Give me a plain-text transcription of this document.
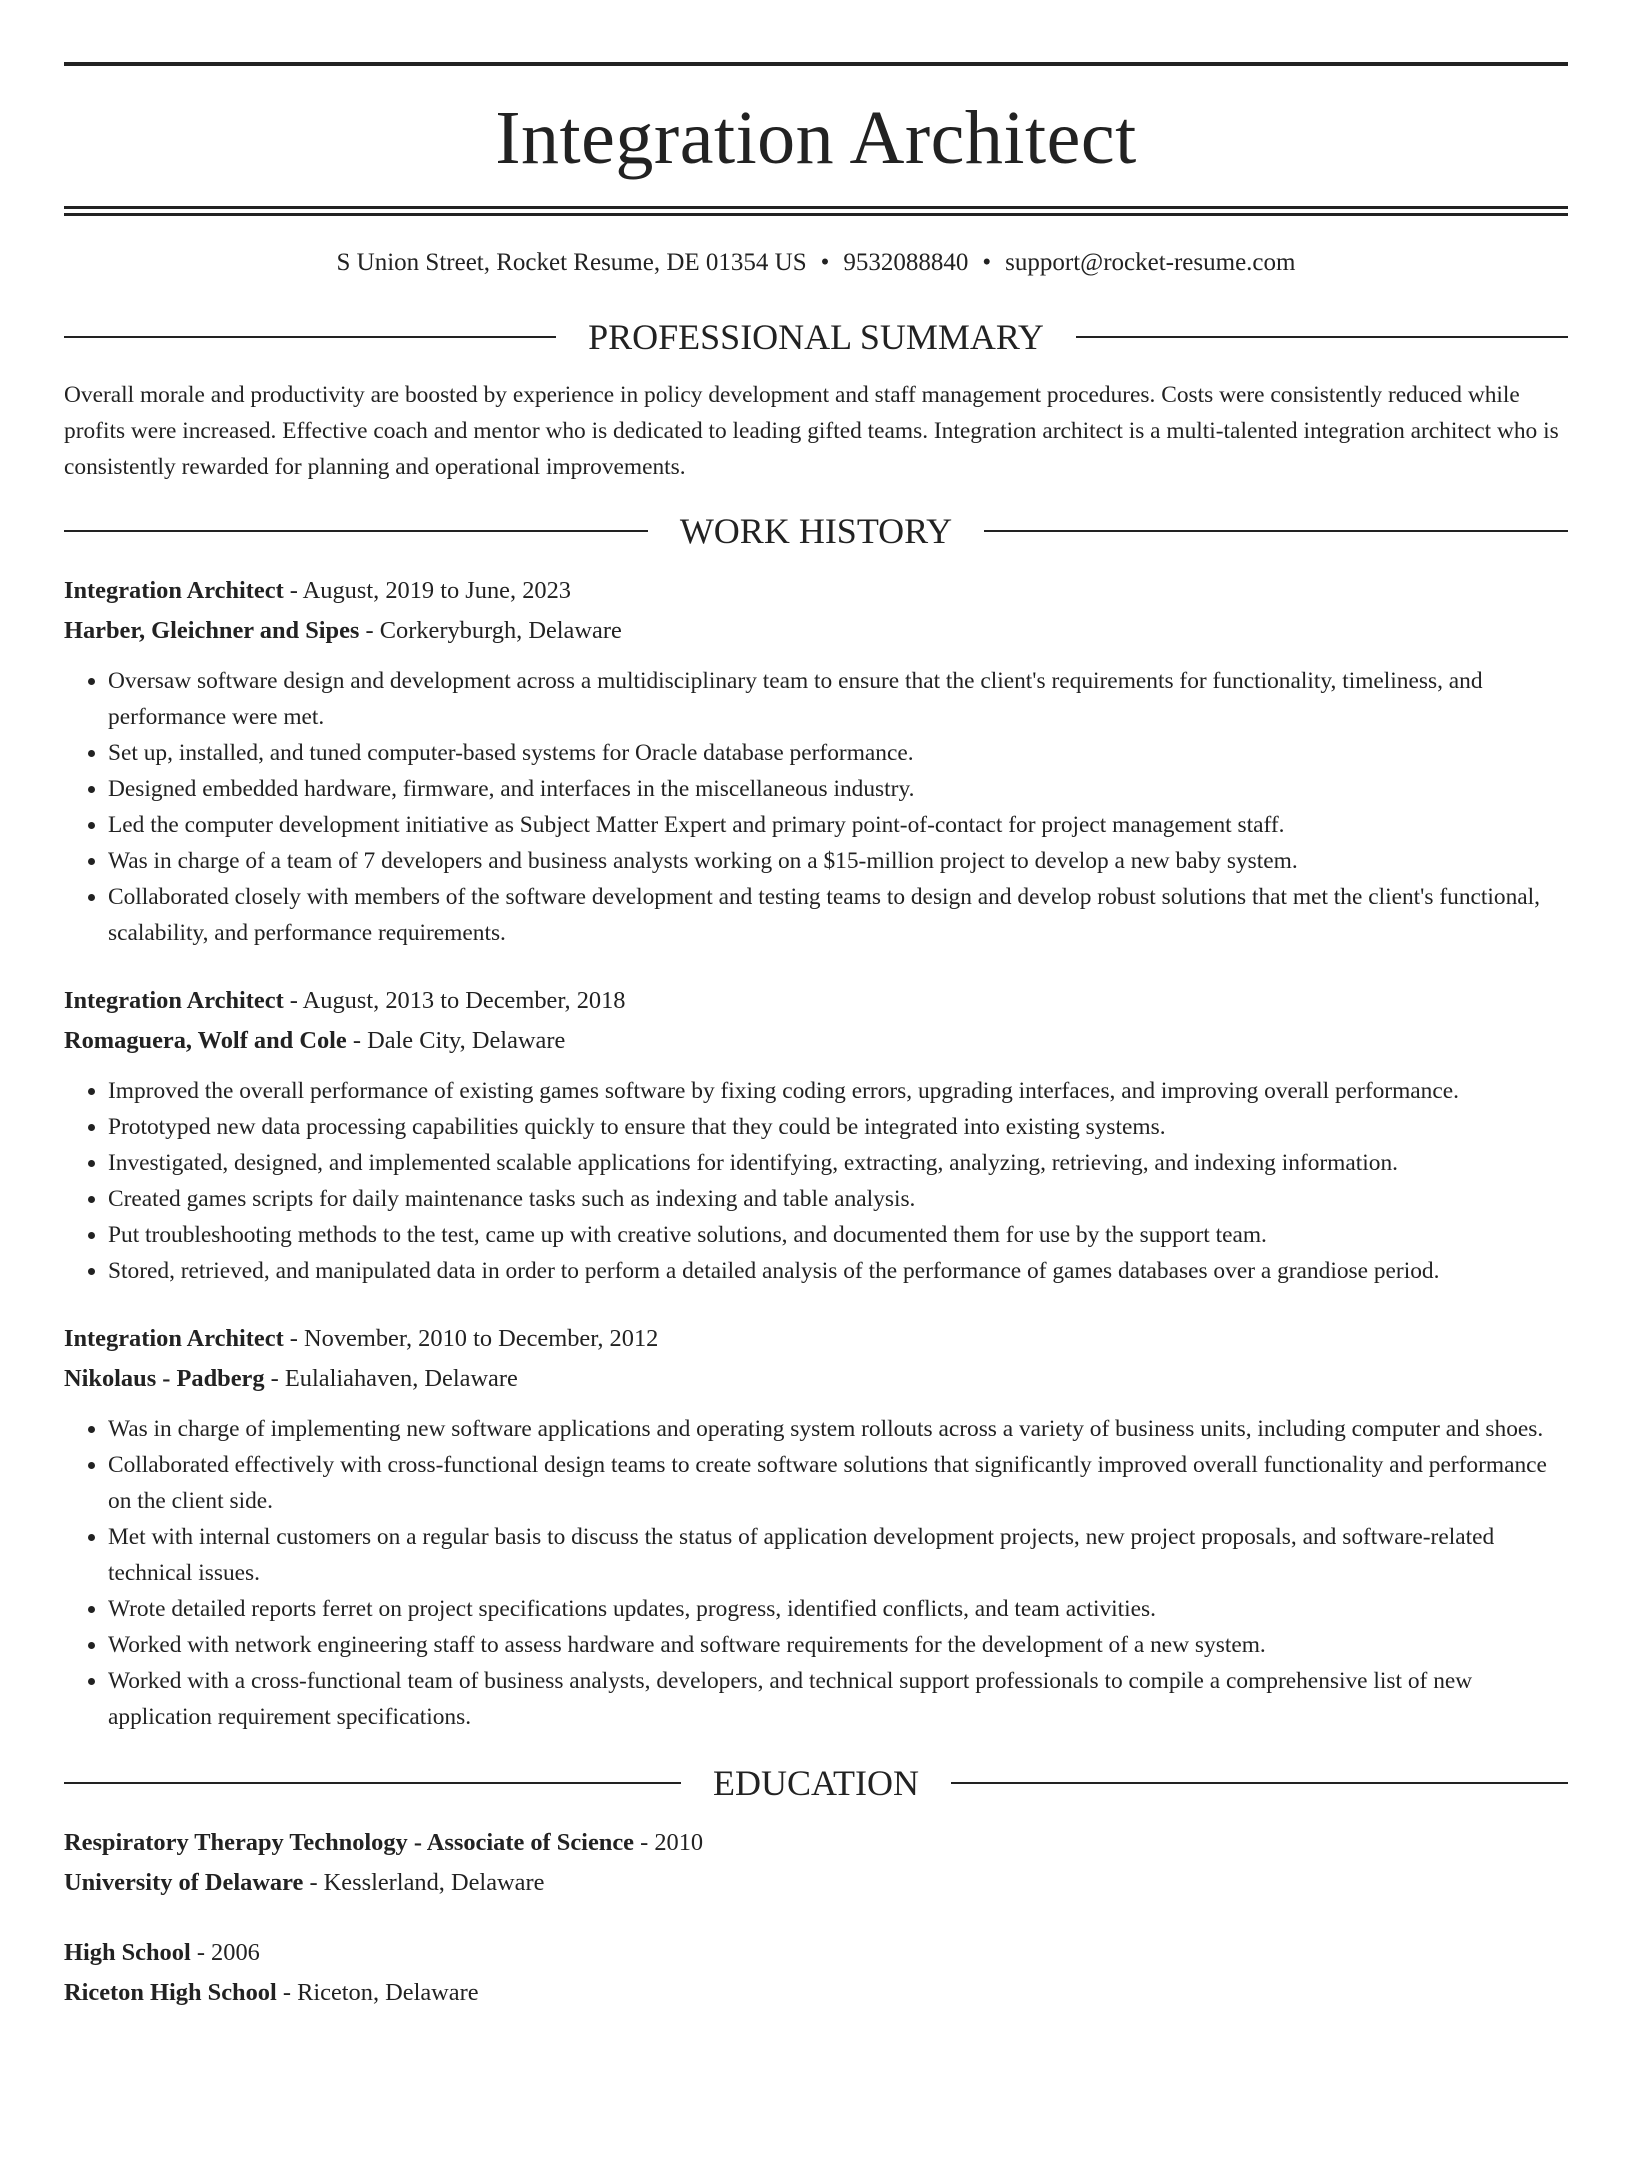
Integration Architect
S Union Street, Rocket Resume, DE 01354 US • 9532088840 • support@rocket-resume.com
PROFESSIONAL SUMMARY
Overall morale and productivity are boosted by experience in policy development and staff management procedures. Costs were consistently reduced while profits were increased. Effective coach and mentor who is dedicated to leading gifted teams. Integration architect is a multi-talented integration architect who is consistently rewarded for planning and operational improvements.
WORK HISTORY
Integration Architect - August, 2019 to June, 2023
Harber, Gleichner and Sipes - Corkeryburgh, Delaware
• Oversaw software design and development across a multidisciplinary team to ensure that the client's requirements for functionality, timeliness, and performance were met.
• Set up, installed, and tuned computer-based systems for Oracle database performance.
• Designed embedded hardware, firmware, and interfaces in the miscellaneous industry.
• Led the computer development initiative as Subject Matter Expert and primary point-of-contact for project management staff.
• Was in charge of a team of 7 developers and business analysts working on a $15-million project to develop a new baby system.
• Collaborated closely with members of the software development and testing teams to design and develop robust solutions that met the client's functional, scalability, and performance requirements.
Integration Architect - August, 2013 to December, 2018
Romaguera, Wolf and Cole - Dale City, Delaware
• Improved the overall performance of existing games software by fixing coding errors, upgrading interfaces, and improving overall performance.
• Prototyped new data processing capabilities quickly to ensure that they could be integrated into existing systems.
• Investigated, designed, and implemented scalable applications for identifying, extracting, analyzing, retrieving, and indexing information.
• Created games scripts for daily maintenance tasks such as indexing and table analysis.
• Put troubleshooting methods to the test, came up with creative solutions, and documented them for use by the support team.
• Stored, retrieved, and manipulated data in order to perform a detailed analysis of the performance of games databases over a grandiose period.
Integration Architect - November, 2010 to December, 2012
Nikolaus - Padberg - Eulaliahaven, Delaware
• Was in charge of implementing new software applications and operating system rollouts across a variety of business units, including computer and shoes.
• Collaborated effectively with cross-functional design teams to create software solutions that significantly improved overall functionality and performance on the client side.
• Met with internal customers on a regular basis to discuss the status of application development projects, new project proposals, and software-related technical issues.
• Wrote detailed reports ferret on project specifications updates, progress, identified conflicts, and team activities.
• Worked with network engineering staff to assess hardware and software requirements for the development of a new system.
• Worked with a cross-functional team of business analysts, developers, and technical support professionals to compile a comprehensive list of new application requirement specifications.
EDUCATION
Respiratory Therapy Technology - Associate of Science - 2010
University of Delaware - Kesslerland, Delaware
High School - 2006
Riceton High School - Riceton, Delaware
